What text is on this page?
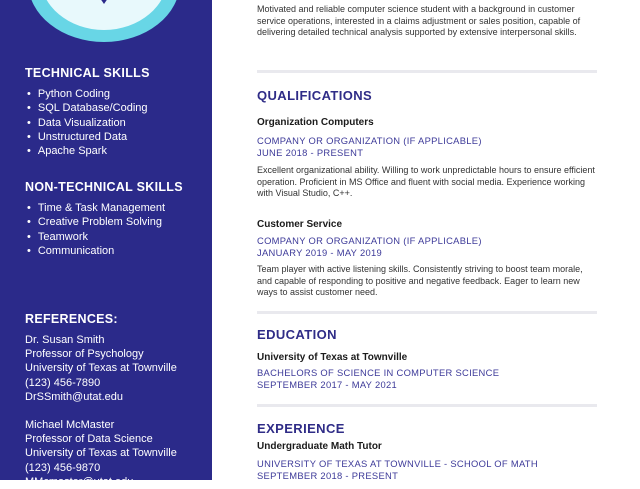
TECHNICAL SKILLS
• Python Coding
• SQL Database/Coding
• Data Visualization
• Unstructured Data
• Apache Spark
NON-TECHNICAL SKILLS
• Time & Task Management
• Creative Problem Solving
• Teamwork
• Communication
REFERENCES:
Dr. Susan Smith
Professor of Psychology
University of Texas at Townville
(123) 456-7890
DrSSmith@utat.edu
Michael McMaster
Professor of Data Science
University of Texas at Townville
(123) 456-9870
MMcmaster@utat.edu

Motivated and reliable computer science student with a background in customer service operations, interested in a claims adjustment or sales position, capable of delivering detailed technical analysis supported by extensive interpersonal skills.

QUALIFICATIONS
Organization Computers
COMPANY OR ORGANIZATION (IF APPLICABLE)
JUNE 2018 - PRESENT

Excellent organizational ability. Willing to work unpredictable hours to ensure efficient operation. Proficient in MS Office and fluent with social media. Experience working with Visual Studio, C++.

Customer Service
COMPANY OR ORGANIZATION (IF APPLICABLE)
JANUARY 2019 - MAY 2019

Team player with active listening skills. Consistently striving to boost team morale, and capable of responding to positive and negative feedback. Eager to learn new ways to assist customer need.

EDUCATION
University of Texas at Townville
BACHELORS OF SCIENCE IN COMPUTER SCIENCE
SEPTEMBER 2017 - MAY 2021
EXPERIENCE
Undergraduate Math Tutor
UNIVERSITY OF TEXAS AT TOWNVILLE - SCHOOL OF MATH
SEPTEMBER 2018 - PRESENT
